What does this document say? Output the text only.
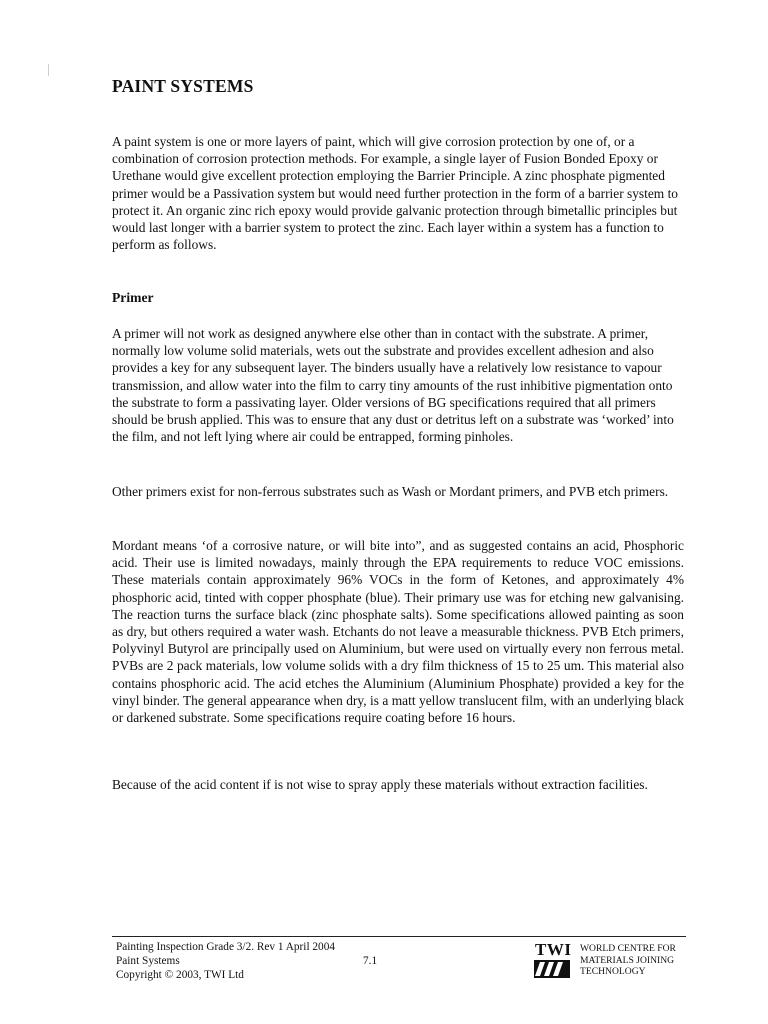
PAINT SYSTEMS

A paint system is one or more layers of paint, which will give corrosion protection by one of, or a combination of corrosion protection methods. For example, a single layer of Fusion Bonded Epoxy or Urethane would give excellent protection employing the Barrier Principle. A zinc phosphate pigmented primer would be a Passivation system but would need further protection in the form of a barrier system to protect it. An organic zinc rich epoxy would provide galvanic protection through bimetallic principles but would last longer with a barrier system to protect the zinc. Each layer within a system has a function to perform as follows.

Primer

A primer will not work as designed anywhere else other than in contact with the substrate. A primer, normally low volume solid materials, wets out the substrate and provides excellent adhesion and also provides a key for any subsequent layer. The binders usually have a relatively low resistance to vapour transmission, and allow water into the film to carry tiny amounts of the rust inhibitive pigmentation onto the substrate to form a passivating layer. Older versions of BG specifications required that all primers should be brush applied. This was to ensure that any dust or detritus left on a substrate was ‘worked’ into the film, and not left lying where air could be entrapped, forming pinholes.

Other primers exist for non-ferrous substrates such as Wash or Mordant primers, and PVB etch primers.

Mordant means ‘of a corrosive nature, or will bite into”, and as suggested contains an acid, Phosphoric acid. Their use is limited nowadays, mainly through the EPA requirements to reduce VOC emissions. These materials contain approximately 96% VOCs in the form of Ketones, and approximately 4% phosphoric acid, tinted with copper phosphate (blue). Their primary use was for etching new galvanising. The reaction turns the surface black (zinc phosphate salts). Some specifications allowed painting as soon as dry, but others required a water wash. Etchants do not leave a measurable thickness. PVB Etch primers, Polyvinyl Butyrol are principally used on Aluminium, but were used on virtually every non ferrous metal. PVBs are 2 pack materials, low volume solids with a dry film thickness of 15 to 25 um. This material also contains phosphoric acid. The acid etches the Aluminium (Aluminium Phosphate) provided a key for the vinyl binder. The general appearance when dry, is a matt yellow translucent film, with an underlying black or darkened substrate. Some specifications require coating before 16 hours.

Because of the acid content if is not wise to spray apply these materials without extraction facilities.

Painting Inspection Grade 3/2. Rev 1 April 2004
Paint Systems
Copyright © 2003, TWI Ltd
7.1
TWI WORLD CENTRE FOR
MATERIALS JOINING
TECHNOLOGY
